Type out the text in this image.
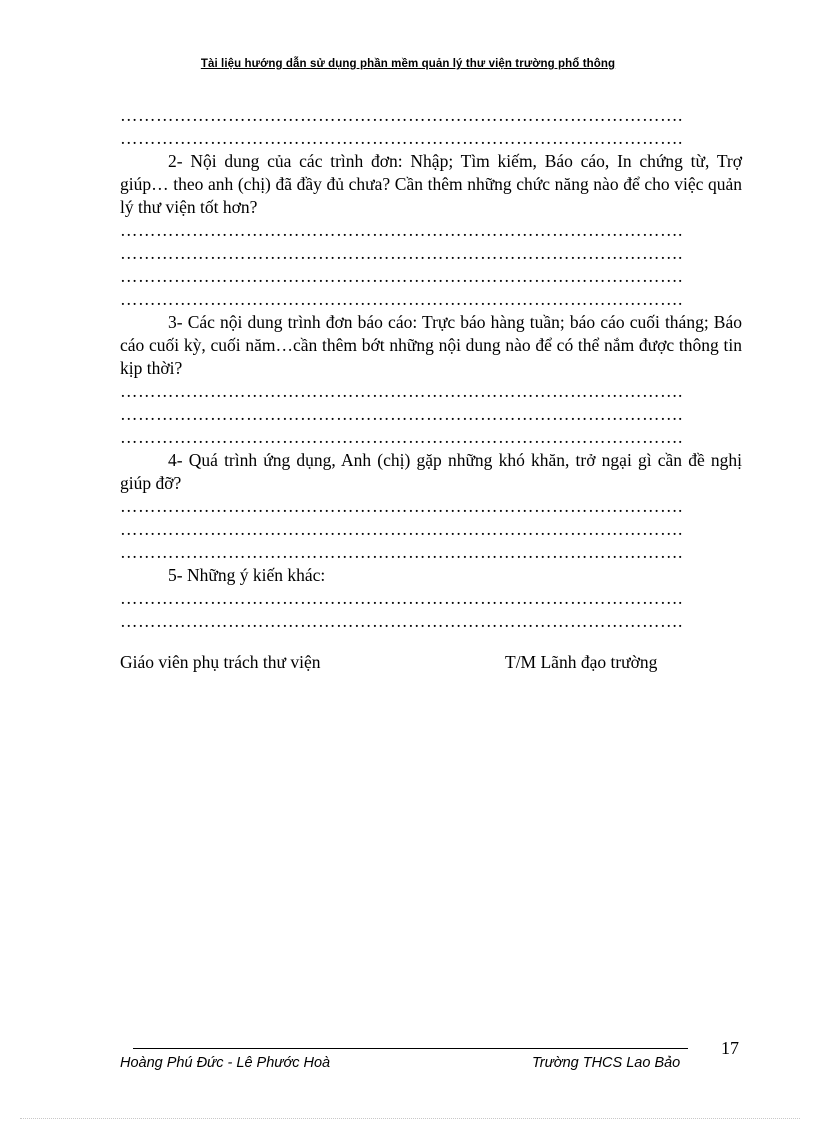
Tài liệu hướng dẫn sử dụng phần mềm quản lý thư viện trường phổ thông
………………………………………………………………………………….
………………………………………………………………………………….

2- Nội dung của các trình đơn: Nhập; Tìm kiếm, Báo cáo, In chứng từ, Trợ giúp… theo anh (chị) đã đầy đủ chưa? Cần thêm những chức năng nào để cho việc quản lý thư viện tốt hơn?

………………………………………………………………………………….
………………………………………………………………………………….
………………………………………………………………………………….
………………………………………………………………………………….

3- Các nội dung trình đơn báo cáo: Trực báo hàng tuần; báo cáo cuối tháng; Báo cáo cuối kỳ, cuối năm…cần thêm bớt những nội dung nào để có thể nắm được thông tin kịp thời?

………………………………………………………………………………….
………………………………………………………………………………….
………………………………………………………………………………….

4- Quá trình ứng dụng, Anh (chị) gặp những khó khăn, trở ngại gì cần đề nghị giúp đỡ?

………………………………………………………………………………….
………………………………………………………………………………….
………………………………………………………………………………….

5- Những ý kiến khác:

………………………………………………………………………………….
………………………………………………………………………………….
Giáo viên phụ trách thư viện	T/M Lãnh đạo trường
17
Hoàng Phú Đức - Lê Phước Hoà	Trường THCS Lao Bảo
